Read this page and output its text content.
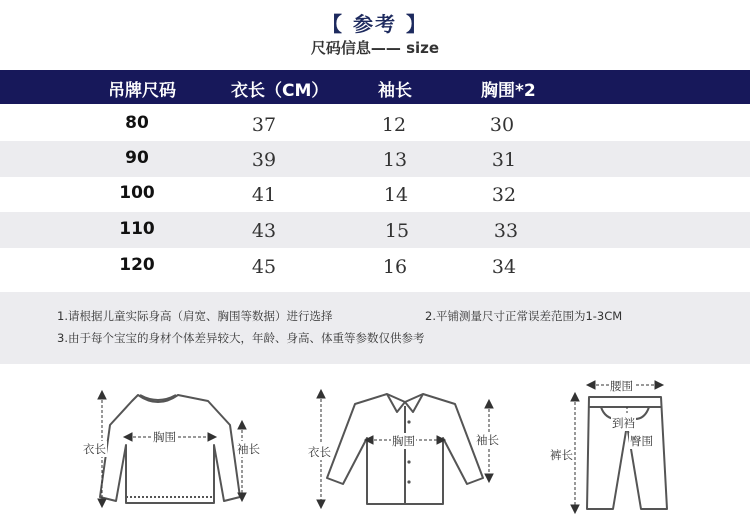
【 参考 】
尺码信息—— size
吊牌尺码	衣长（CM）	袖长	胸围*2
80	37	12	30
90	39	13	31
100	41	14	32
110	43	15	33
120	45	16	34
1.请根据儿童实际身高（肩宽、胸围等数据）进行选择	2.平铺测量尺寸正常误差范围为1-3CM
3.由于每个宝宝的身材个体差异较大，年龄、身高、体重等参数仅供参考
衣长
胸围
袖长	衣长
胸围	袖长
腰围
到裆
臀围
裤长
